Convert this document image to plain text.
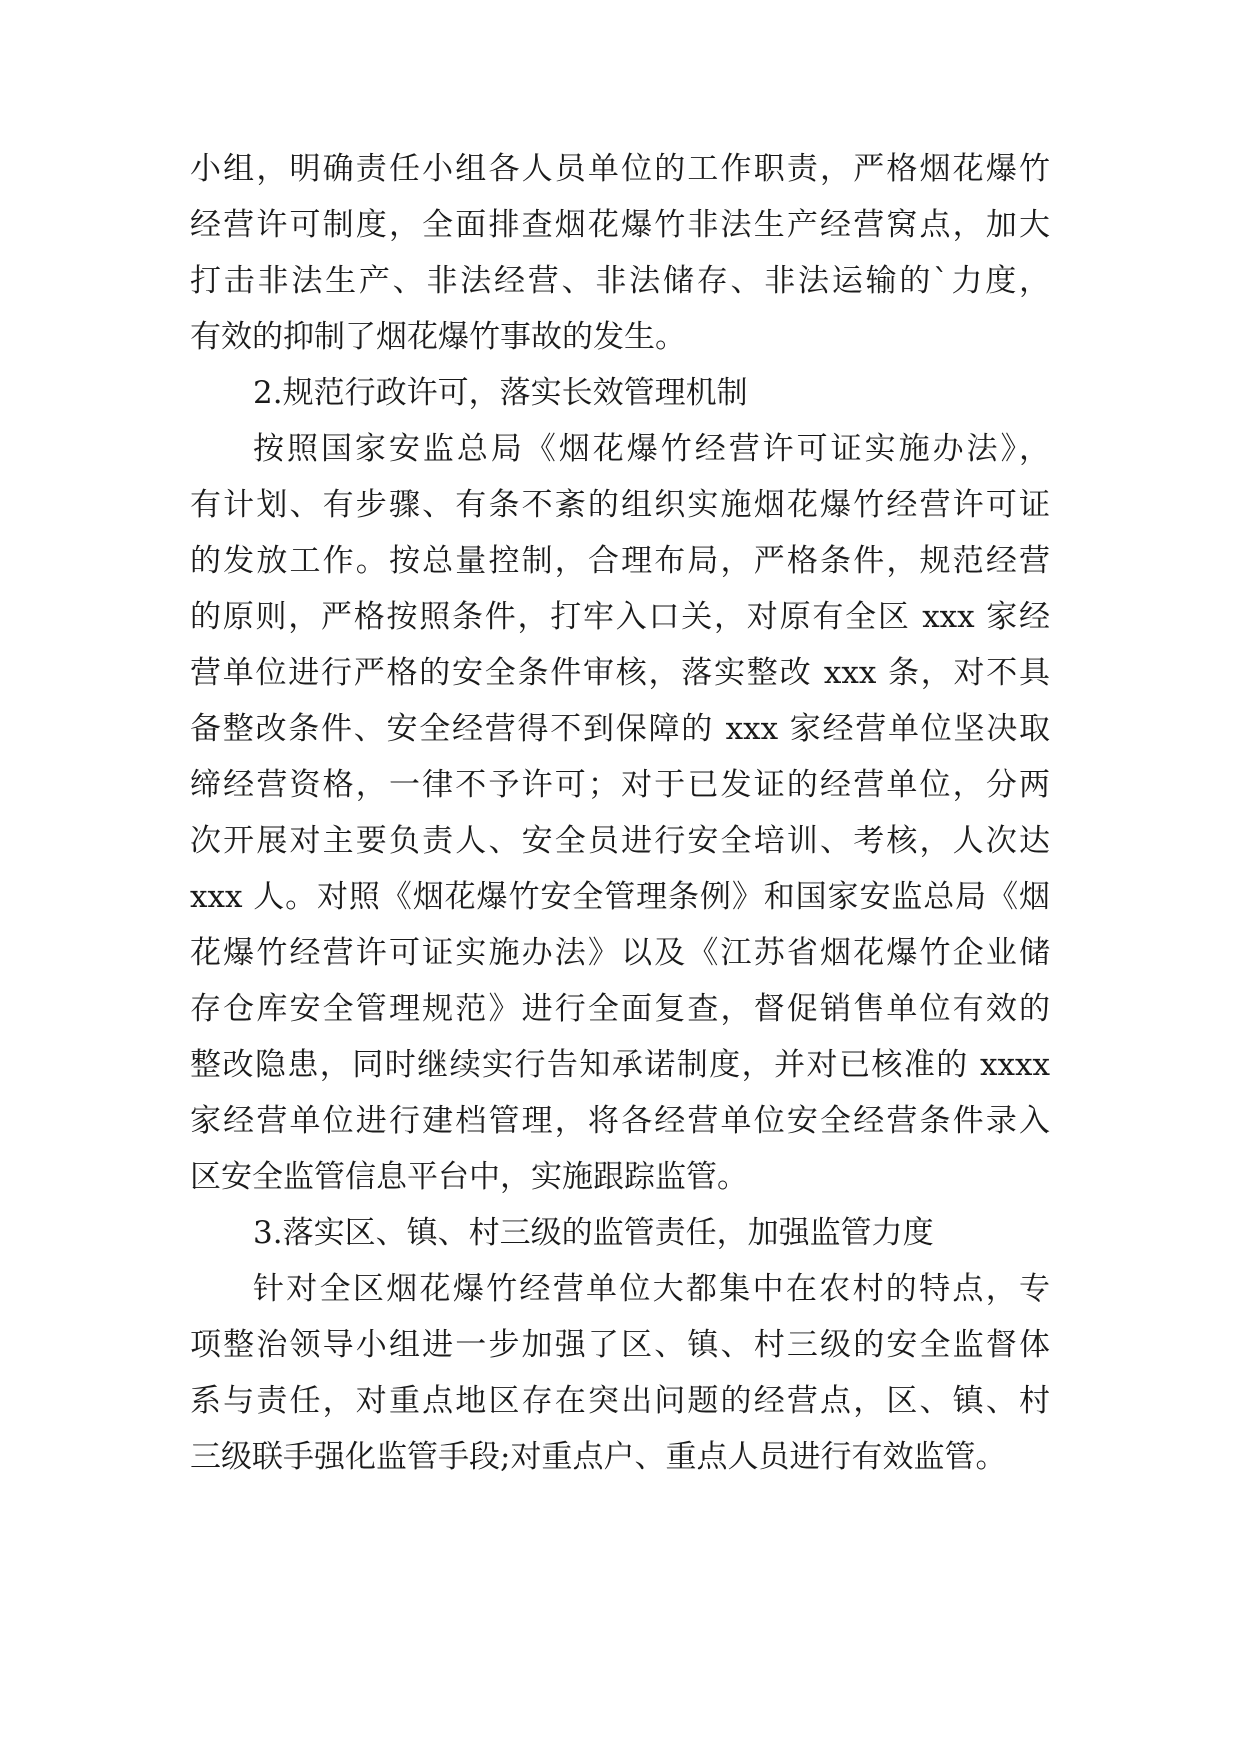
小组，明确责任小组各人员单位的工作职责，严格烟花爆竹
经营许可制度，全面排查烟花爆竹非法生产经营窝点，加大
打击非法生产、非法经营、非法储存、非法运输的`力度，
有效的抑制了烟花爆竹事故的发生。
2.规范行政许可，落实长效管理机制
按照国家安监总局《烟花爆竹经营许可证实施办法》，
有计划、有步骤、有条不紊的组织实施烟花爆竹经营许可证
的发放工作。按总量控制，合理布局，严格条件，规范经营
的原则，严格按照条件，打牢入口关，对原有全区 xxx 家经
营单位进行严格的安全条件审核，落实整改 xxx 条，对不具
备整改条件、安全经营得不到保障的 xxx 家经营单位坚决取
缔经营资格，一律不予许可；对于已发证的经营单位，分两
次开展对主要负责人、安全员进行安全培训、考核，人次达
xxx 人。对照《烟花爆竹安全管理条例》和国家安监总局《烟
花爆竹经营许可证实施办法》以及《江苏省烟花爆竹企业储
存仓库安全管理规范》进行全面复查，督促销售单位有效的
整改隐患，同时继续实行告知承诺制度，并对已核准的 xxxx
家经营单位进行建档管理，将各经营单位安全经营条件录入
区安全监管信息平台中，实施跟踪监管。
3.落实区、镇、村三级的监管责任，加强监管力度
针对全区烟花爆竹经营单位大都集中在农村的特点，专
项整治领导小组进一步加强了区、镇、村三级的安全监督体
系与责任，对重点地区存在突出问题的经营点，区、镇、村
三级联手强化监管手段;对重点户、重点人员进行有效监管。
